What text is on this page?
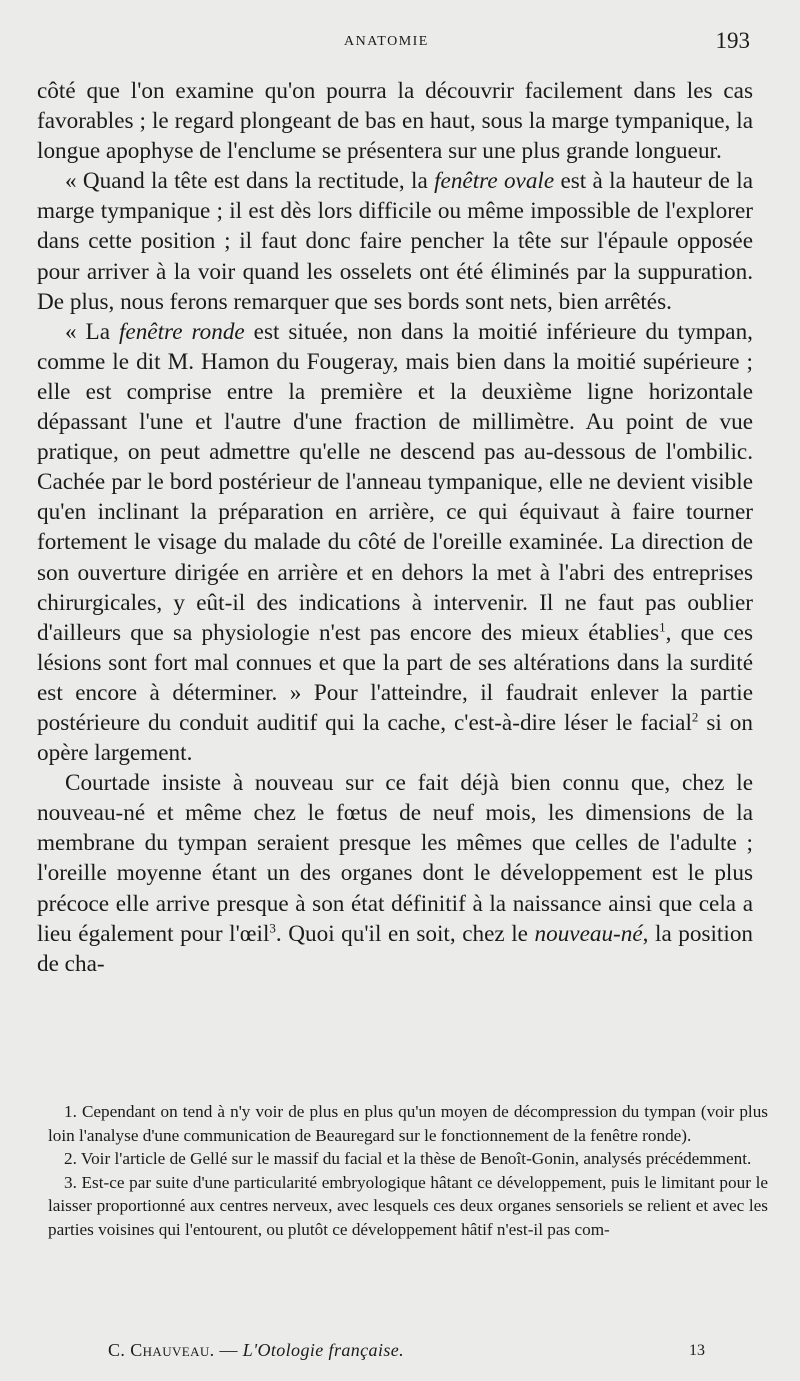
ANATOMIE	193

côté que l'on examine qu'on pourra la découvrir facilement dans les cas favorables ; le regard plongeant de bas en haut, sous la marge tympanique, la longue apophyse de l'enclume se présentera sur une plus grande longueur.

« Quand la tête est dans la rectitude, la fenêtre ovale est à la hauteur de la marge tympanique ; il est dès lors difficile ou même impossible de l'explorer dans cette position ; il faut donc faire pencher la tête sur l'épaule opposée pour arriver à la voir quand les osselets ont été éliminés par la suppuration. De plus, nous ferons remarquer que ses bords sont nets, bien arrêtés.

« La fenêtre ronde est située, non dans la moitié inférieure du tympan, comme le dit M. Hamon du Fougeray, mais bien dans la moitié supérieure ; elle est comprise entre la première et la deuxième ligne horizontale dépassant l'une et l'autre d'une fraction de millimètre. Au point de vue pratique, on peut admettre qu'elle ne descend pas au-dessous de l'ombilic. Cachée par le bord postérieur de l'anneau tympanique, elle ne devient visible qu'en inclinant la préparation en arrière, ce qui équivaut à faire tourner fortement le visage du malade du côté de l'oreille examinée. La direction de son ouverture dirigée en arrière et en dehors la met à l'abri des entreprises chirurgicales, y eût-il des indications à intervenir. Il ne faut pas oublier d'ailleurs que sa physiologie n'est pas encore des mieux établies$^1$, que ces lésions sont fort mal connues et que la part de ses altérations dans la surdité est encore à déterminer. » Pour l'atteindre, il faudrait enlever la partie postérieure du conduit auditif qui la cache, c'est-à-dire léser le facial$^2$ si on opère largement.

Courtade insiste à nouveau sur ce fait déjà bien connu que, chez le nouveau-né et même chez le fœtus de neuf mois, les dimensions de la membrane du tympan seraient presque les mêmes que celles de l'adulte ; l'oreille moyenne étant un des organes dont le développement est le plus précoce elle arrive presque à son état définitif à la naissance ainsi que cela a lieu également pour l'œil$^3$. Quoi qu'il en soit, chez le nouveau-né, la position de cha-

1. Cependant on tend à n'y voir de plus en plus qu'un moyen de décompression du tympan (voir plus loin l'analyse d'une communication de Beauregard sur le fonctionnement de la fenêtre ronde).

2. Voir l'article de Gellé sur le massif du facial et la thèse de Benoît-Gonin, analysés précédemment.

3. Est-ce par suite d'une particularité embryologique hâtant ce développement, puis le limitant pour le laisser proportionné aux centres nerveux, avec lesquels ces deux organes sensoriels se relient et avec les parties voisines qui l'entourent, ou plutôt ce développement hâtif n'est-il pas com-

C. Chauveau. — L'Otologie française.	13
